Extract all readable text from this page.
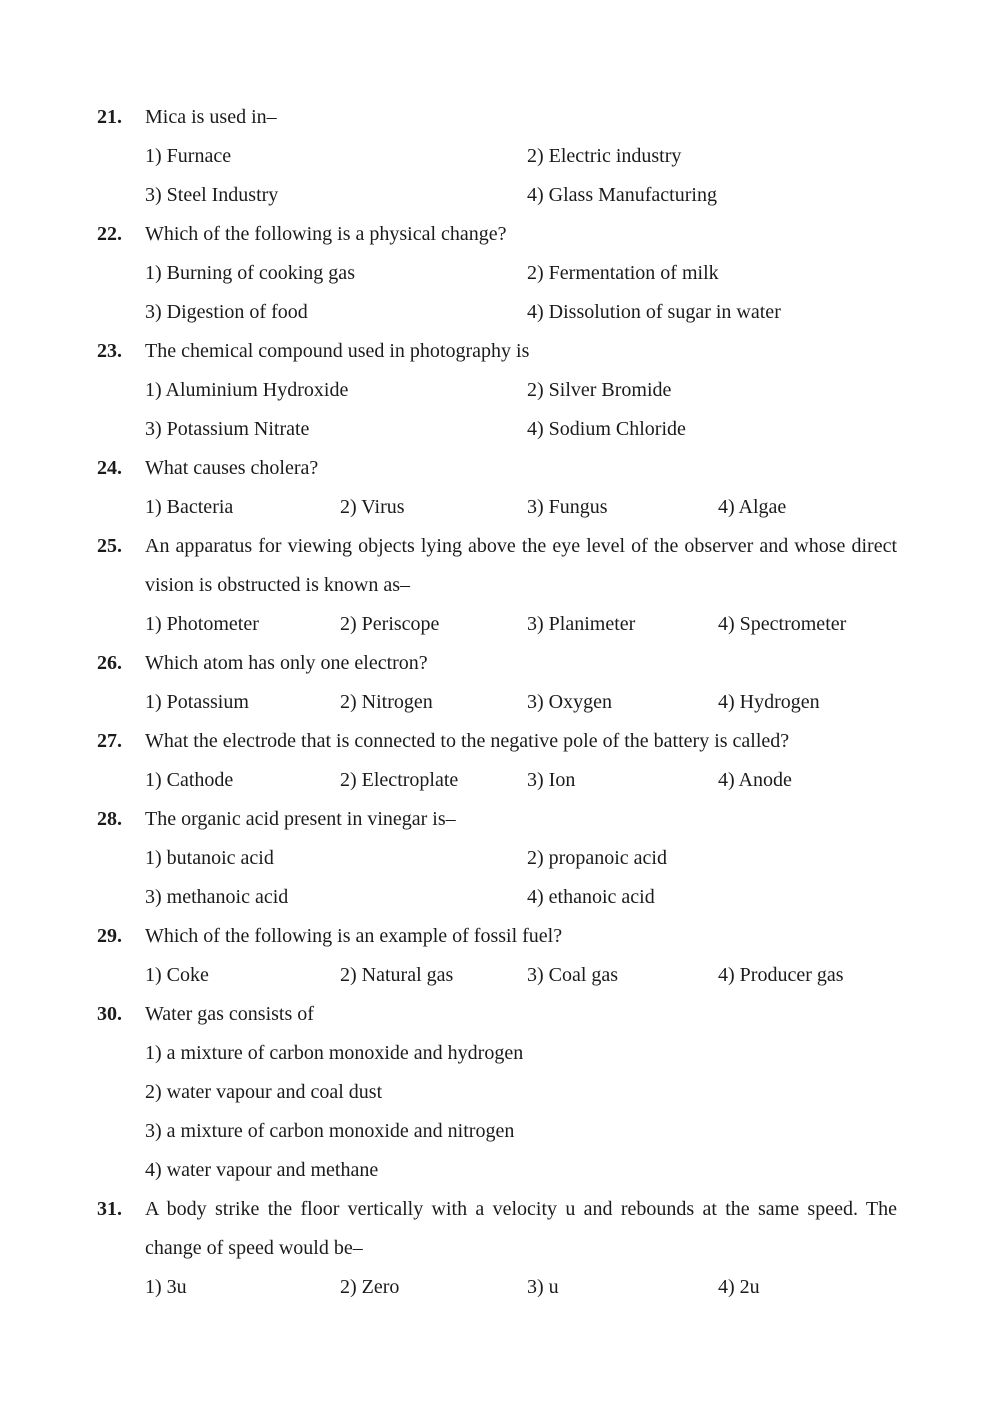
21.	Mica is used in–
1) Furnace	2) Electric industry
3) Steel Industry	4) Glass Manufacturing
22.	Which of the following is a physical change?
1) Burning of cooking gas	2) Fermentation of milk
3) Digestion of food	4) Dissolution of sugar in water
23.	The chemical compound used in photography is
1) Aluminium Hydroxide	2) Silver Bromide
3) Potassium Nitrate	4) Sodium Chloride
24.	What causes cholera?
1) Bacteria	2) Virus	3) Fungus	4) Algae
25.	An apparatus for viewing objects lying above the eye level of the observer and whose direct vision is obstructed is known as–
1) Photometer	2) Periscope	3) Planimeter	4) Spectrometer
26.	Which atom has only one electron?
1) Potassium	2) Nitrogen	3) Oxygen	4) Hydrogen
27.	What the electrode that is connected to the negative pole of the battery is called?
1) Cathode	2) Electroplate	3) Ion	4) Anode
28.	The organic acid present in vinegar is–
1) butanoic acid	2) propanoic acid
3) methanoic acid	4) ethanoic acid
29.	Which of the following is an example of fossil fuel?
1) Coke	2) Natural gas	3) Coal gas	4) Producer gas
30.	Water gas consists of
1) a mixture of carbon monoxide and hydrogen
2) water vapour and coal dust
3) a mixture of carbon monoxide and nitrogen
4) water vapour and methane
31.	A body strike the floor vertically with a velocity u and rebounds at the same speed. The change of speed would be–
1) 3u	2) Zero	3) u	4) 2u
